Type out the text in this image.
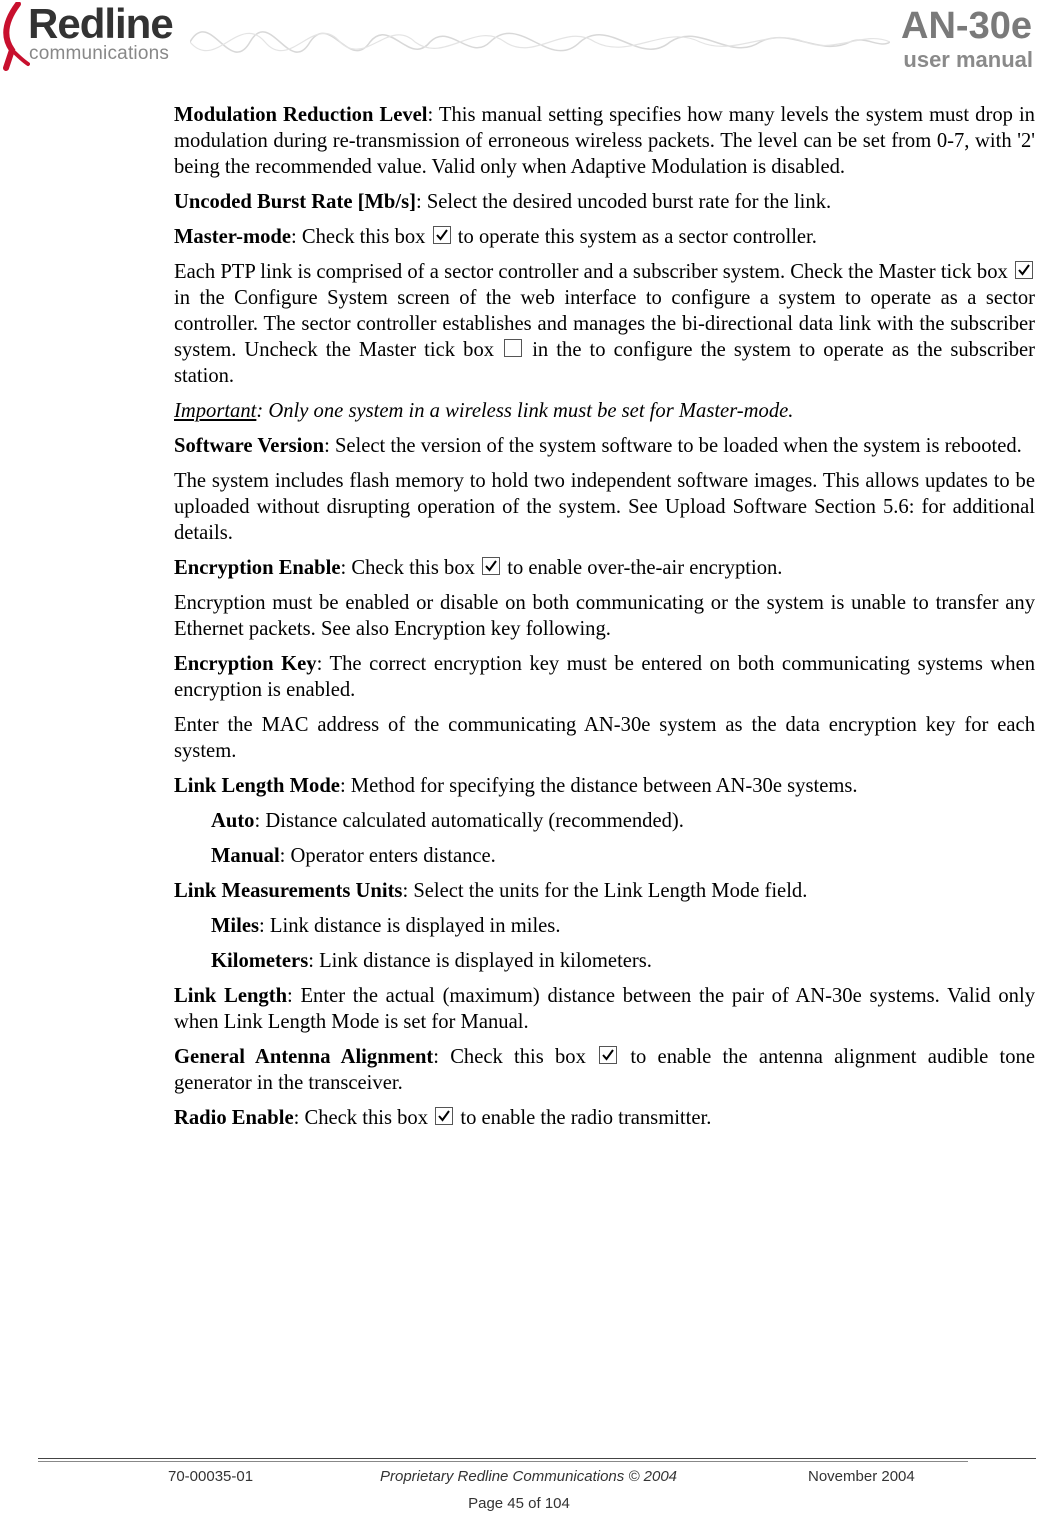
Redline
communications
AN-30e
user manual

Modulation Reduction Level: This manual setting specifies how many levels the system must drop in modulation during re-transmission of erroneous wireless packets. The level can be set from 0-7, with '2' being the recommended value. Valid only when Adaptive Modulation is disabled.

Uncoded Burst Rate [Mb/s]: Select the desired uncoded burst rate for the link.

Master-mode: Check this box to operate this system as a sector controller.

Each PTP link is comprised of a sector controller and a subscriber system. Check the Master tick box  in the Configure System screen of the web interface to configure a system to operate as a sector controller. The sector controller establishes and manages the bi-directional data link with the subscriber system. Uncheck the Master tick box in the to configure the system to operate as the subscriber station.

Important: Only one system in a wireless link must be set for Master-mode.

Software Version: Select the version of the system software to be loaded when the system is rebooted.

The system includes flash memory to hold two independent software images. This allows updates to be uploaded without disrupting operation of the system. See Upload Software Section 5.6: for additional details.

Encryption Enable: Check this box to enable over-the-air encryption.

Encryption must be enabled or disable on both communicating or the system is unable to transfer any Ethernet packets. See also Encryption key following.

Encryption Key: The correct encryption key must be entered on both communicating systems when encryption is enabled.

Enter the MAC address of the communicating AN-30e system as the data encryption key for each system.

Link Length Mode: Method for specifying the distance between AN-30e systems.

Auto: Distance calculated automatically (recommended).

Manual: Operator enters distance.

Link Measurements Units: Select the units for the Link Length Mode field.

Miles: Link distance is displayed in miles.

Kilometers: Link distance is displayed in kilometers.

Link Length: Enter the actual (maximum) distance between the pair of AN-30e systems. Valid only when Link Length Mode is set for Manual.

General Antenna Alignment: Check this box to enable the antenna alignment audible tone generator in the transceiver.

Radio Enable: Check this box to enable the radio transmitter.

70-00035-01	Proprietary Redline Communications © 2004	November 2004
Page 45 of 104
